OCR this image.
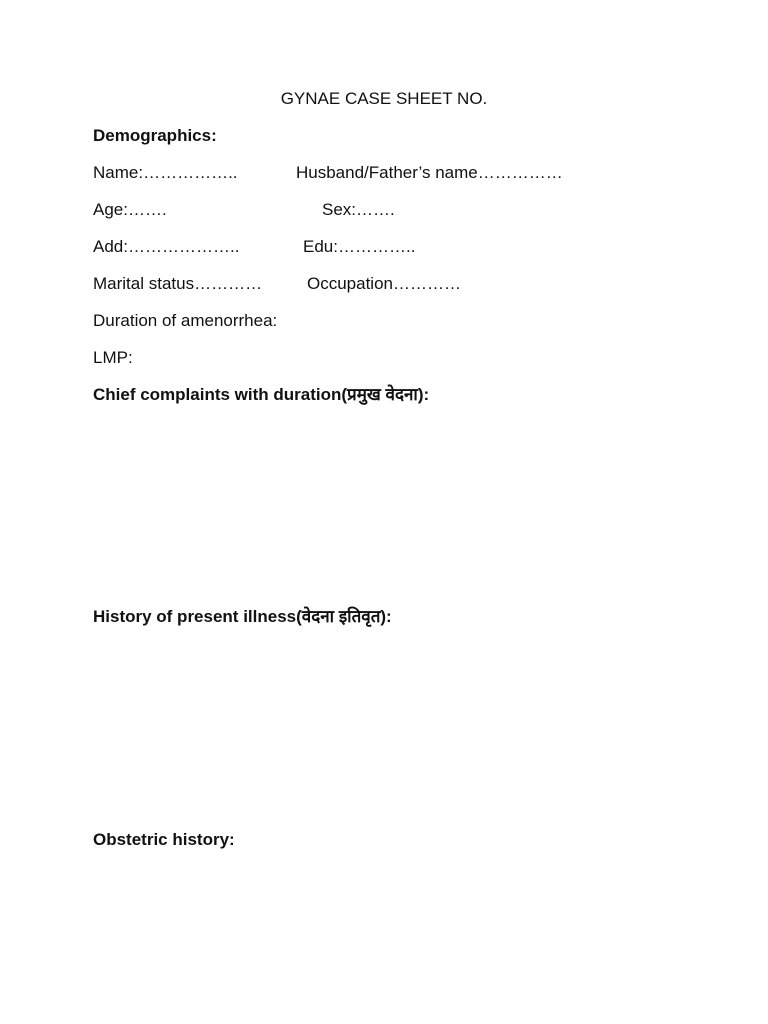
GYNAE CASE SHEET NO.
Demographics:
Name:……………..	Husband/Father’s name……………
Age:…….	Sex:…….
Add:………………..	Edu:…………..
Marital status…………	Occupation…………
Duration of amenorrhea:
LMP:
Chief complaints with duration(प्रमुख वेदना):
History of present illness(वेदना इतिवृत):
Obstetric history:
